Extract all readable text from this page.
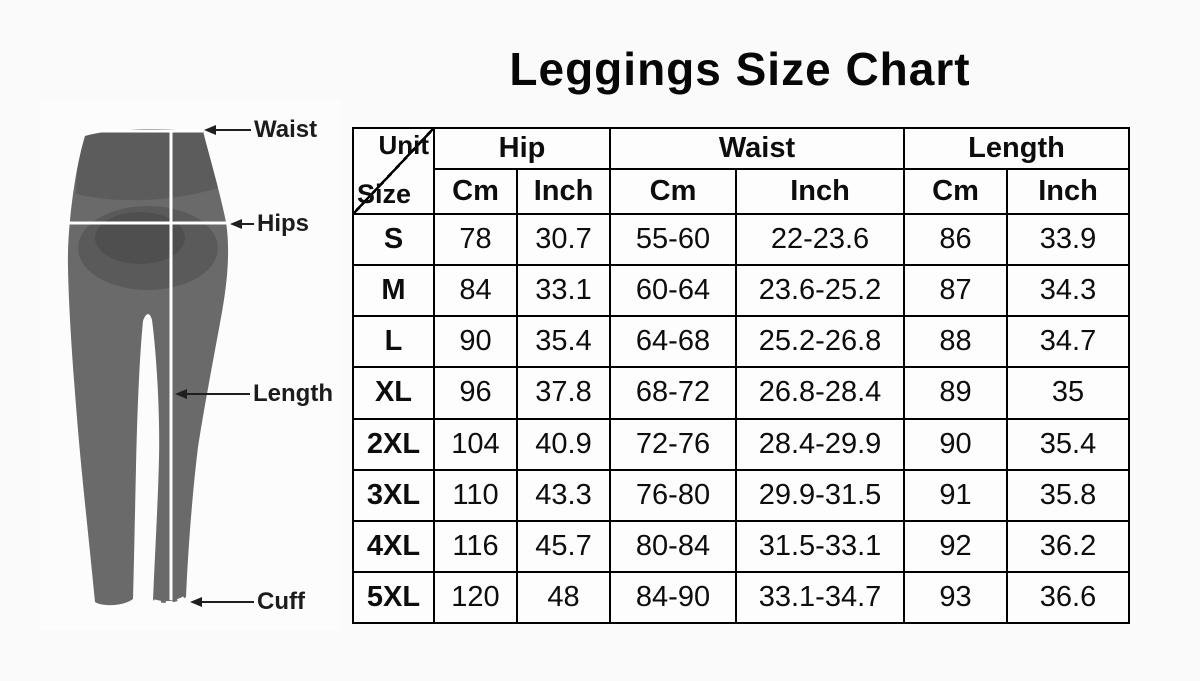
Leggings Size Chart
Waist
Hips
Length
Cuff
Unit
Size	Hip		Waist		Length	
	Cm	Inch	Cm	Inch	Cm	Inch
S	78	30.7	55-60	22-23.6	86	33.9
M	84	33.1	60-64	23.6-25.2	87	34.3
L	90	35.4	64-68	25.2-26.8	88	34.7
XL	96	37.8	68-72	26.8-28.4	89	35
2XL	104	40.9	72-76	28.4-29.9	90	35.4
3XL	110	43.3	76-80	29.9-31.5	91	35.8
4XL	116	45.7	80-84	31.5-33.1	92	36.2
5XL	120	48	84-90	33.1-34.7	93	36.6
